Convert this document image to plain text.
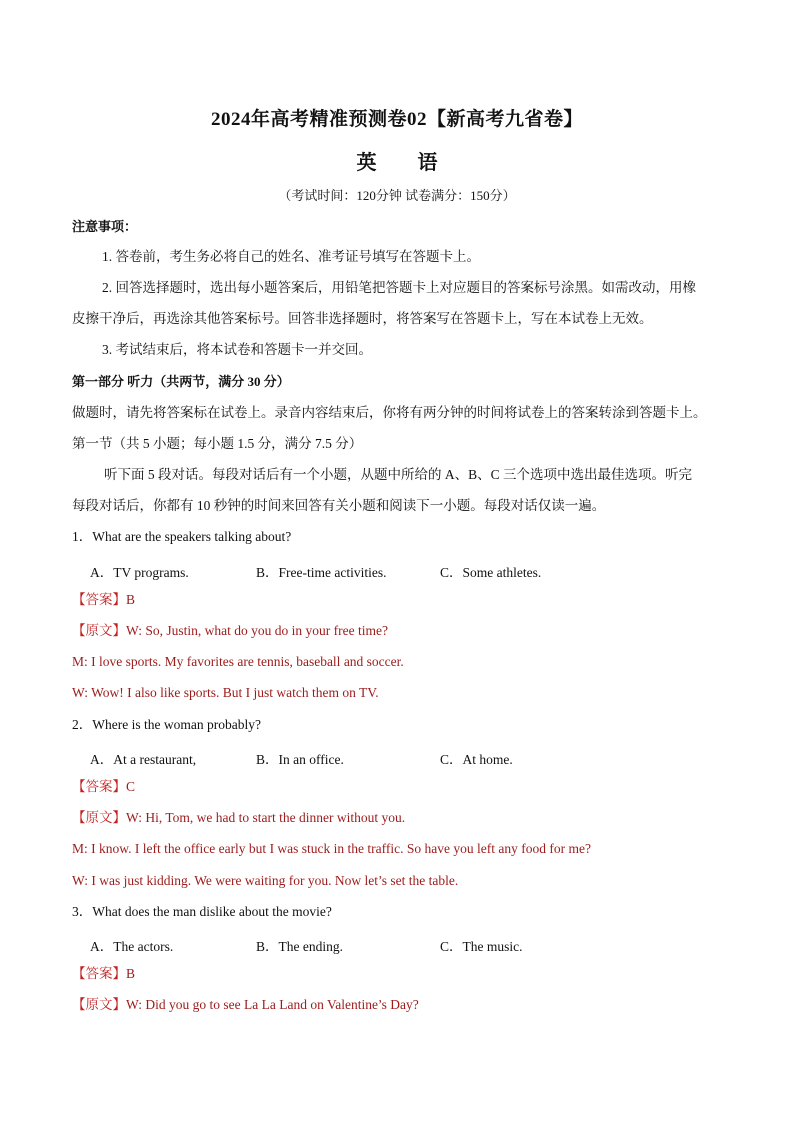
2024年高考精准预测卷02【新高考九省卷】
英 语
（考试时间：120分钟 试卷满分：150分）
注意事项：
1. 答卷前，考生务必将自己的姓名、准考证号填写在答题卡上。
2. 回答选择题时，选出每小题答案后，用铅笔把答题卡上对应题目的答案标号涂黑。如需改动，用橡
皮擦干净后，再选涂其他答案标号。回答非选择题时，将答案写在答题卡上，写在本试卷上无效。
3. 考试结束后，将本试卷和答题卡一并交回。
第一部分 听力（共两节，满分 30 分）
做题时，请先将答案标在试卷上。录音内容结束后，你将有两分钟的时间将试卷上的答案转涂到答题卡上。
第一节（共 5 小题；每小题 1.5 分，满分 7.5 分）
听下面 5 段对话。每段对话后有一个小题，从题中所给的 A、B、C 三个选项中选出最佳选项。听完
每段对话后，你都有 10 秒钟的时间来回答有关小题和阅读下一小题。每段对话仅读一遍。
1．What are the speakers talking about?
A．TV programs.	B．Free-time activities.	C．Some athletes.
【答案】B
【原文】W: So, Justin, what do you do in your free time?
M: I love sports. My favorites are tennis, baseball and soccer.
W: Wow! I also like sports. But I just watch them on TV.
2．Where is the woman probably?
A．At a restaurant,	B．In an office.	C．At home.
【答案】C
【原文】W: Hi, Tom, we had to start the dinner without you.
M: I know. I left the office early but I was stuck in the traffic. So have you left any food for me?
W: I was just kidding. We were waiting for you. Now let’s set the table.
3．What does the man dislike about the movie?
A．The actors.	B．The ending.	C．The music.
【答案】B
【原文】W: Did you go to see La La Land on Valentine’s Day?
